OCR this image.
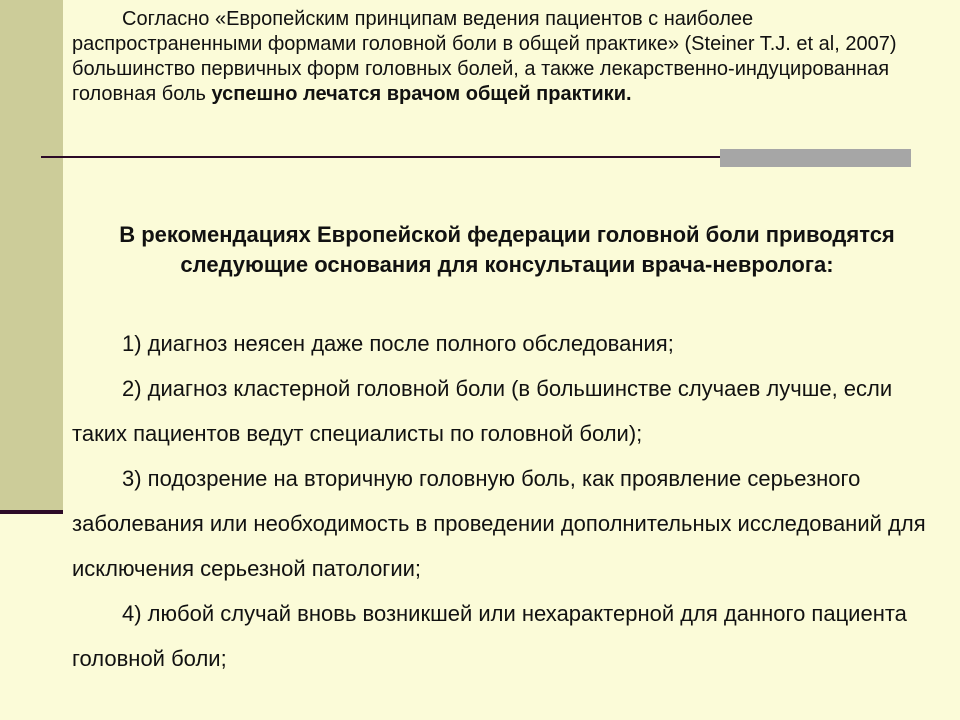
Согласно «Европейским принципам ведения пациентов с наиболее распространенными формами головной боли в общей практике» (Steiner T.J. et al, 2007) большинство первичных форм головных болей, а также лекарственно-индуцированная головная боль успешно лечатся врачом общей практики.

В рекомендациях Европейской федерации головной боли приводятся следующие основания для консультации врача-невролога:

1) диагноз неясен даже после полного обследования;

2) диагноз кластерной головной боли (в большинстве случаев лучше, если таких пациентов ведут специалисты по головной боли);

3) подозрение на вторичную головную боль, как проявление серьезного заболевания или необходимость в проведении дополнительных исследований для исключения серьезной патологии;

4) любой случай вновь возникшей или нехарактерной для данного пациента головной боли;
